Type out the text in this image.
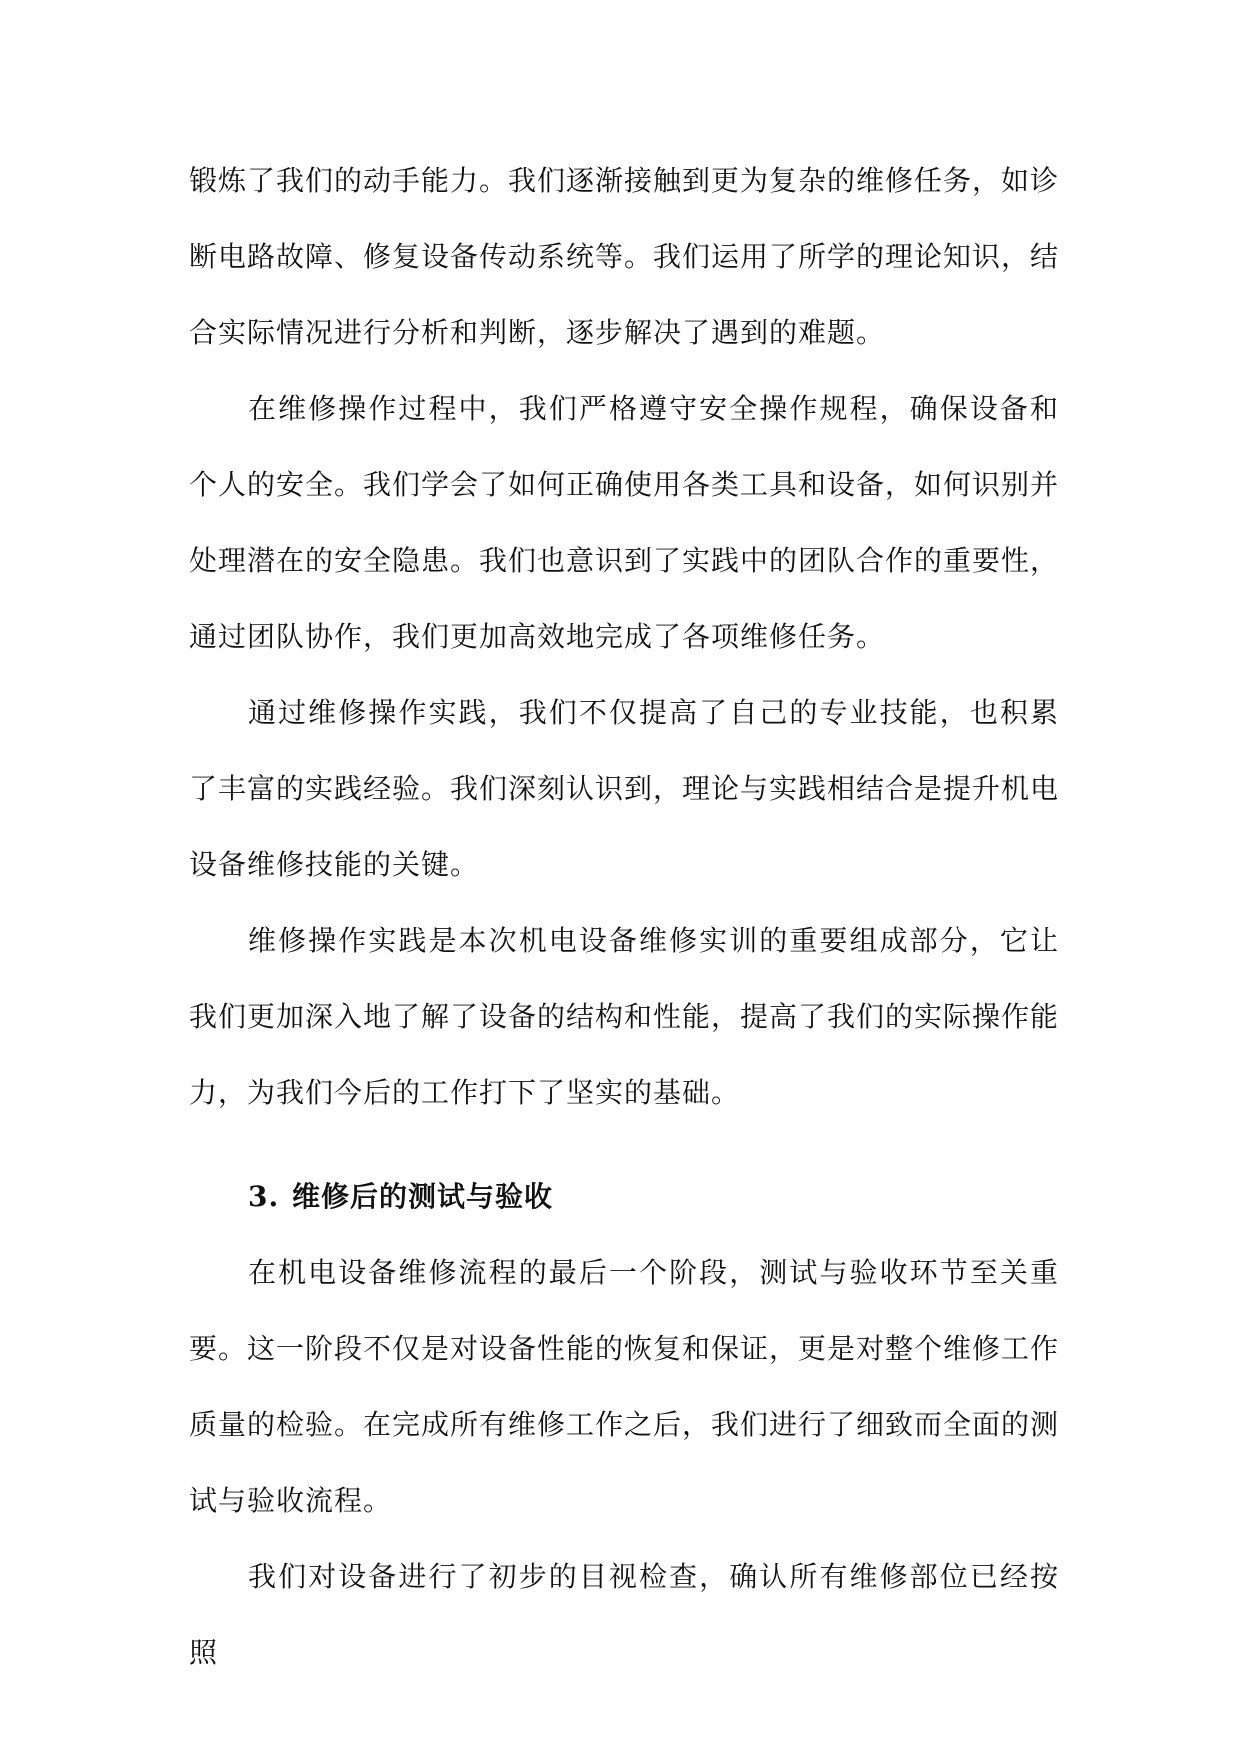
锻炼了我们的动手能力。我们逐渐接触到更为复杂的维修任务，如诊断电路故障、修复设备传动系统等。我们运用了所学的理论知识，结合实际情况进行分析和判断，逐步解决了遇到的难题。

在维修操作过程中，我们严格遵守安全操作规程，确保设备和个人的安全。我们学会了如何正确使用各类工具和设备，如何识别并处理潜在的安全隐患。我们也意识到了实践中的团队合作的重要性，通过团队协作，我们更加高效地完成了各项维修任务。

通过维修操作实践，我们不仅提高了自己的专业技能，也积累了丰富的实践经验。我们深刻认识到，理论与实践相结合是提升机电设备维修技能的关键。

维修操作实践是本次机电设备维修实训的重要组成部分，它让我们更加深入地了解了设备的结构和性能，提高了我们的实际操作能力，为我们今后的工作打下了坚实的基础。

3. 维修后的测试与验收

在机电设备维修流程的最后一个阶段，测试与验收环节至关重要。这一阶段不仅是对设备性能的恢复和保证，更是对整个维修工作质量的检验。在完成所有维修工作之后，我们进行了细致而全面的测试与验收流程。

我们对设备进行了初步的目视检查，确认所有维修部位已经按照
